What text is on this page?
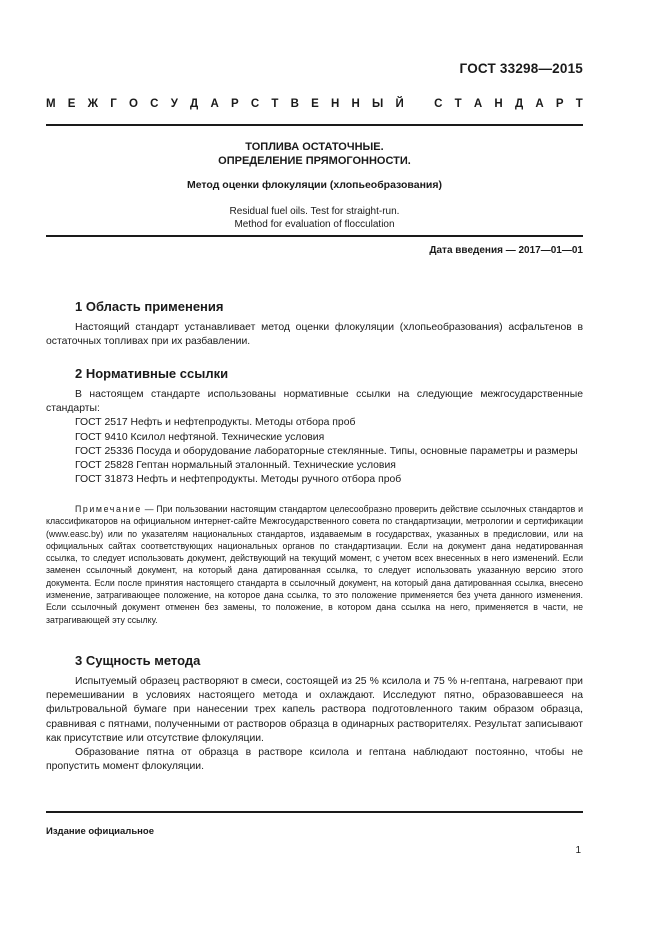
ГОСТ 33298—2015
М Е Ж Г О С У Д А Р С Т В Е Н Н Ы Й	С Т А Н Д А Р Т
ТОПЛИВА ОСТАТОЧНЫЕ.
ОПРЕДЕЛЕНИЕ ПРЯМОГОННОСТИ.
Метод оценки флокуляции (хлопьеобразования)
Residual fuel oils. Test for straight-run.
Method for evaluation of flocculation
Дата введения — 2017—01—01
1 Область применения

Настоящий стандарт устанавливает метод оценки флокуляции (хлопьеобразования) асфальтенов в остаточных топливах при их разбавлении.

2 Нормативные ссылки

В настоящем стандарте использованы нормативные ссылки на следующие межгосударственные стандарты:

ГОСТ 2517 Нефть и нефтепродукты. Методы отбора проб

ГОСТ 9410 Ксилол нефтяной. Технические условия

ГОСТ 25336 Посуда и оборудование лабораторные стеклянные. Типы, основные параметры и размеры

ГОСТ 25828 Гептан нормальный эталонный. Технические условия

ГОСТ 31873 Нефть и нефтепродукты. Методы ручного отбора проб

Примечание — При пользовании настоящим стандартом целесообразно проверить действие ссылочных стандартов и классификаторов на официальном интернет-сайте Межгосударственного совета по стандартизации, метрологии и сертификации (www.easc.by) или по указателям национальных стандартов, издаваемым в государствах, указанных в предисловии, или на официальных сайтах соответствующих национальных органов по стандартизации. Если на документ дана недатированная ссылка, то следует использовать документ, действующий на текущий момент, с учетом всех внесенных в него изменений. Если заменен ссылочный документ, на который дана датированная ссылка, то следует использовать указанную версию этого документа. Если после принятия настоящего стандарта в ссылочный документ, на который дана датированная ссылка, внесено изменение, затрагивающее положение, на которое дана ссылка, то это положение применяется без учета данного изменения. Если ссылочный документ отменен без замены, то положение, в котором дана ссылка на него, применяется в части, не затрагивающей эту ссылку.
3 Сущность метода

Испытуемый образец растворяют в смеси, состоящей из 25 % ксилола и 75 % н-гептана, нагревают при перемешивании в условиях настоящего метода и охлаждают. Исследуют пятно, образовавшееся на фильтровальной бумаге при нанесении трех капель раствора подготовленного таким образом образца, сравнивая с пятнами, полученными от растворов образца в одинарных растворителях. Результат записывают как присутствие или отсутствие флокуляции.

Образование пятна от образца в растворе ксилола и гептана наблюдают постоянно, чтобы не пропустить момент флокуляции.

Издание официальное
1
